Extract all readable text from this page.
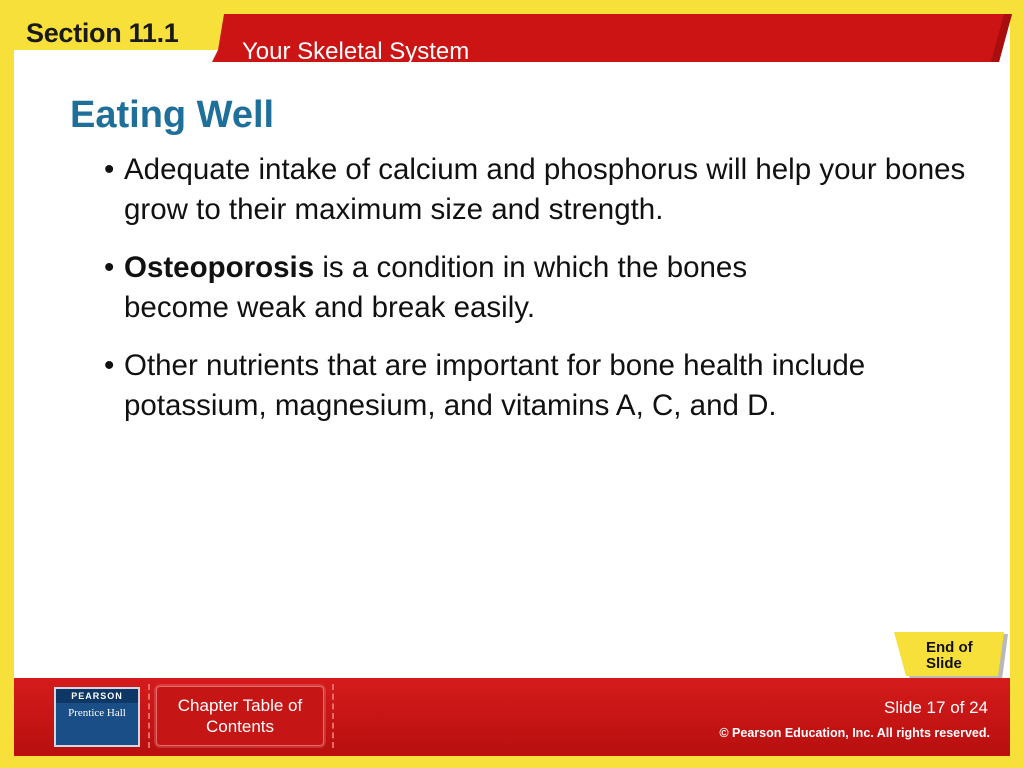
Section 11.1
Your Skeletal System
Eating Well
• Adequate intake of calcium and phosphorus will help your bones grow to their maximum size and strength.
• Osteoporosis is a condition in which the bones become weak and break easily.
• Other nutrients that are important for bone health include potassium, magnesium, and vitamins A, C, and D.
End of Slide
PEARSON
Prentice Hall	Chapter Table of Contents
Slide 17 of 24
© Pearson Education, Inc. All rights reserved.
